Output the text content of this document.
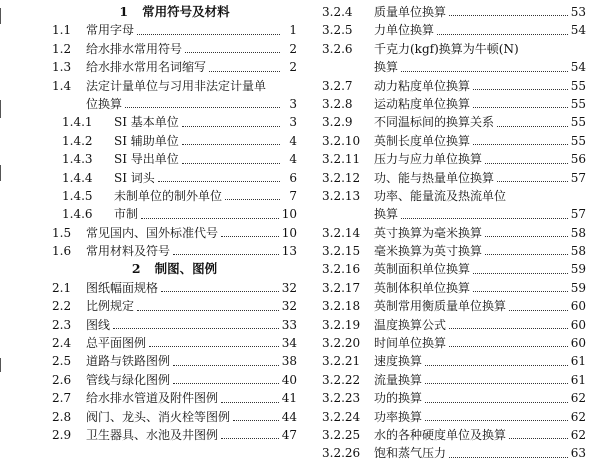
1 常用符号及材料
1.1	常用字母	1
1.2	给水排水常用符号	2
1.3	给水排水常用名词缩写	2
1.4	法定计量单位与习用非法定计量单
位换算	3
1.4.1	SI 基本单位	3
1.4.2	SI 辅助单位	4
1.4.3	SI 导出单位	4
1.4.4	SI 词头	6
1.4.5	未制单位的制外单位	7
1.4.6	市制	10
1.5	常见国内、国外标准代号	10
1.6	常用材料及符号	13
2 制图、图例
2.1	图纸幅面规格	32
2.2	比例规定	32
2.3	图线	33
2.4	总平面图例	34
2.5	道路与铁路图例	38
2.6	管线与绿化图例	40
2.7	给水排水管道及附件图例	41
2.8	阀门、龙头、消火栓等图例	44
2.9	卫生器具、水池及井图例	47
3.2.4	质量单位换算	53
3.2.5	力单位换算	54
3.2.6	千克力(kgf)换算为牛顿(N)
换算	54
3.2.7	动力粘度单位换算	55
3.2.8	运动粘度单位换算	55
3.2.9	不同温标间的换算关系	55
3.2.10	英制长度单位换算	55
3.2.11	压力与应力单位换算	56
3.2.12	功、能与热量单位换算	57
3.2.13	功率、能量流及热流单位
换算	57
3.2.14	英寸换算为毫米换算	58
3.2.15	毫米换算为英寸换算	58
3.2.16	英制面积单位换算	59
3.2.17	英制体积单位换算	59
3.2.18	英制常用衡质量单位换算	60
3.2.19	温度换算公式	60
3.2.20	时间单位换算	60
3.2.21	速度换算	61
3.2.22	流量换算	61
3.2.23	功的换算	62
3.2.24	功率换算	62
3.2.25	水的各种硬度单位及换算	62
3.2.26	饱和蒸气压力	63
